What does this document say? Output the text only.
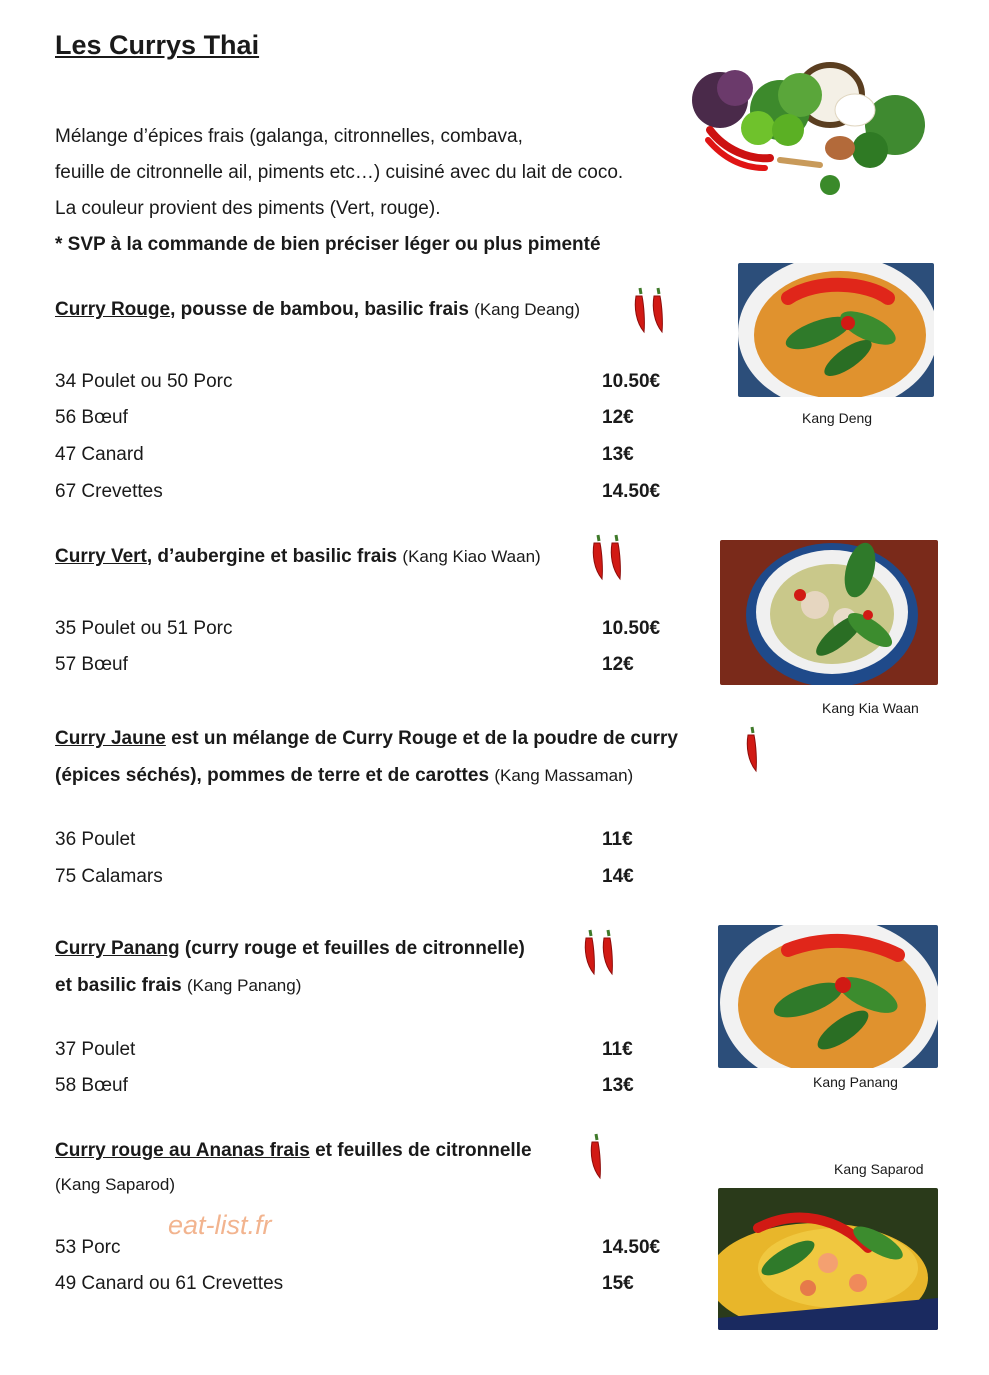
Les Currys Thai
Mélange d’épices frais (galanga, citronnelles, combava,
feuille de citronnelle ail, piments etc…) cuisiné avec du lait de coco.
La couleur provient des piments (Vert, rouge).
* SVP à la commande de bien préciser léger ou plus pimenté
Curry Rouge, pousse de bambou, basilic frais (Kang Deang)
34 Poulet ou 50 Porc	10.50€
56 Bœuf	12€
47 Canard	13€
67 Crevettes	14.50€
Kang Deng
Curry Vert, d’aubergine et basilic frais (Kang Kiao Waan)
35 Poulet ou 51 Porc	10.50€
57 Bœuf	12€
Kang Kia Waan
Curry Jaune est un mélange de Curry Rouge et de la poudre de curry
(épices séchés), pommes de terre et de carottes (Kang Massaman)
36 Poulet	11€
75 Calamars	14€
Curry Panang (curry rouge et feuilles de citronnelle)
et basilic frais (Kang Panang)
37 Poulet	11€
58 Bœuf	13€	Kang Panang
Curry rouge au Ananas frais et feuilles de citronnelle
(Kang Saparod)
53 Porc	14.50€
49 Canard ou 61 Crevettes	15€
Kang Saparod
eat-list.fr
